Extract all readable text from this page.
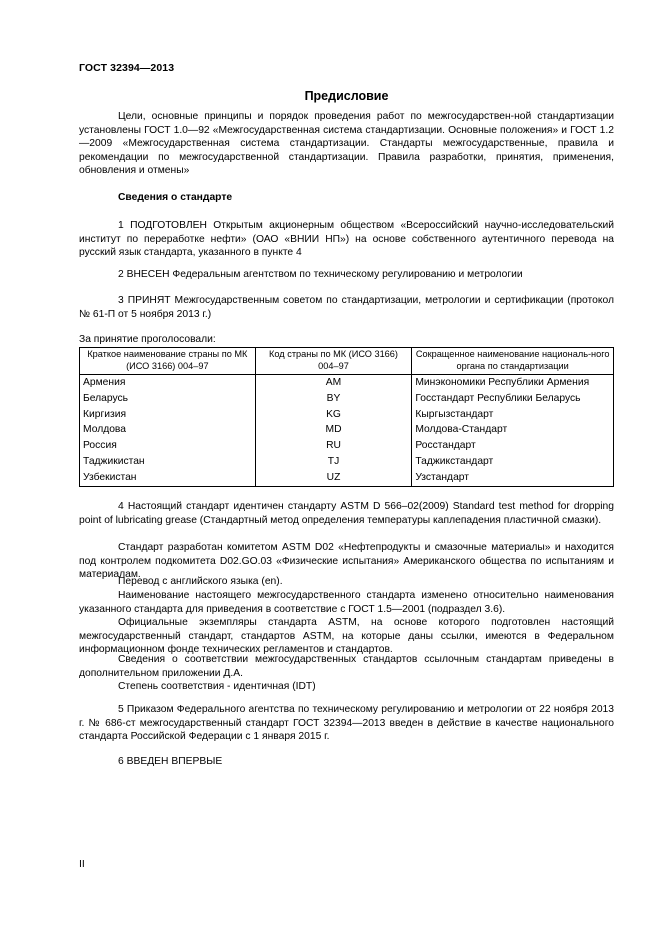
ГОСТ 32394—2013
Предисловие

Цели, основные принципы и порядок проведения работ по межгосударствен-ной стандартизации установлены ГОСТ 1.0—92 «Межгосударственная система стандартизации. Основные положения» и ГОСТ 1.2—2009 «Межгосударственная система стандартизации. Стандарты межгосударственные, правила и рекомендации по межгосударственной стандартизации. Правила разработки, принятия, применения, обновления и отмены»

Сведения о стандарте

1 ПОДГОТОВЛЕН Открытым акционерным обществом «Всероссийский научно-исследовательский институт по переработке нефти» (ОАО «ВНИИ НП») на основе собственного аутентичного перевода на русский язык стандарта, указанного в пункте 4

2 ВНЕСЕН Федеральным агентством по техническому регулированию и метрологии

3 ПРИНЯТ Межгосударственным советом по стандартизации, метрологии и сертификации (протокол № 61-П от 5 ноября 2013 г.)

За принятие проголосовали:
Краткое наименование страны по МК (ИСО 3166) 004–97	Код страны по МК (ИСО 3166) 004–97	Сокращенное наименование националь-ного органа по стандартизации
Армения	AM	Минэкономики Республики Армения
Беларусь	BY	Госстандарт Республики Беларусь
Киргизия	KG	Кыргызстандарт
Молдова	MD	Молдова-Стандарт
Россия	RU	Росстандарт
Таджикистан	TJ	Таджикстандарт
Узбекистан	UZ	Узстандарт

4 Настоящий стандарт идентичен стандарту ASTM D 566–02(2009) Standard test method for dropping point of lubricating grease (Стандартный метод определения температуры каплепадения пластичной смазки).

Стандарт разработан комитетом ASTM D02 «Нефтепродукты и смазочные материалы» и находится под контролем подкомитета D02.GO.03 «Физические испытания» Американского общества по испытаниям и материалам.

Перевод с английского языка (en).

Наименование настоящего межгосударственного стандарта изменено относительно наименования указанного стандарта для приведения в соответствие с ГОСТ 1.5—2001 (подраздел 3.6).

Официальные экземпляры стандарта ASTM, на основе которого подготовлен настоящий межгосударственный стандарт, стандартов ASTM, на которые даны ссылки, имеются в Федеральном информационном фонде технических регламентов и стандартов.

Сведения о соответствии межгосударственных стандартов ссылочным стандартам приведены в дополнительном приложении Д.А.

Степень соответствия - идентичная (IDT)

5 Приказом Федерального агентства по техническому регулированию и метрологии от 22 ноября 2013 г. № 686-ст межгосударственный стандарт ГОСТ 32394—2013 введен в действие в качестве национального стандарта Российской Федерации с 1 января 2015 г.

6 ВВЕДЕН ВПЕРВЫЕ

II
